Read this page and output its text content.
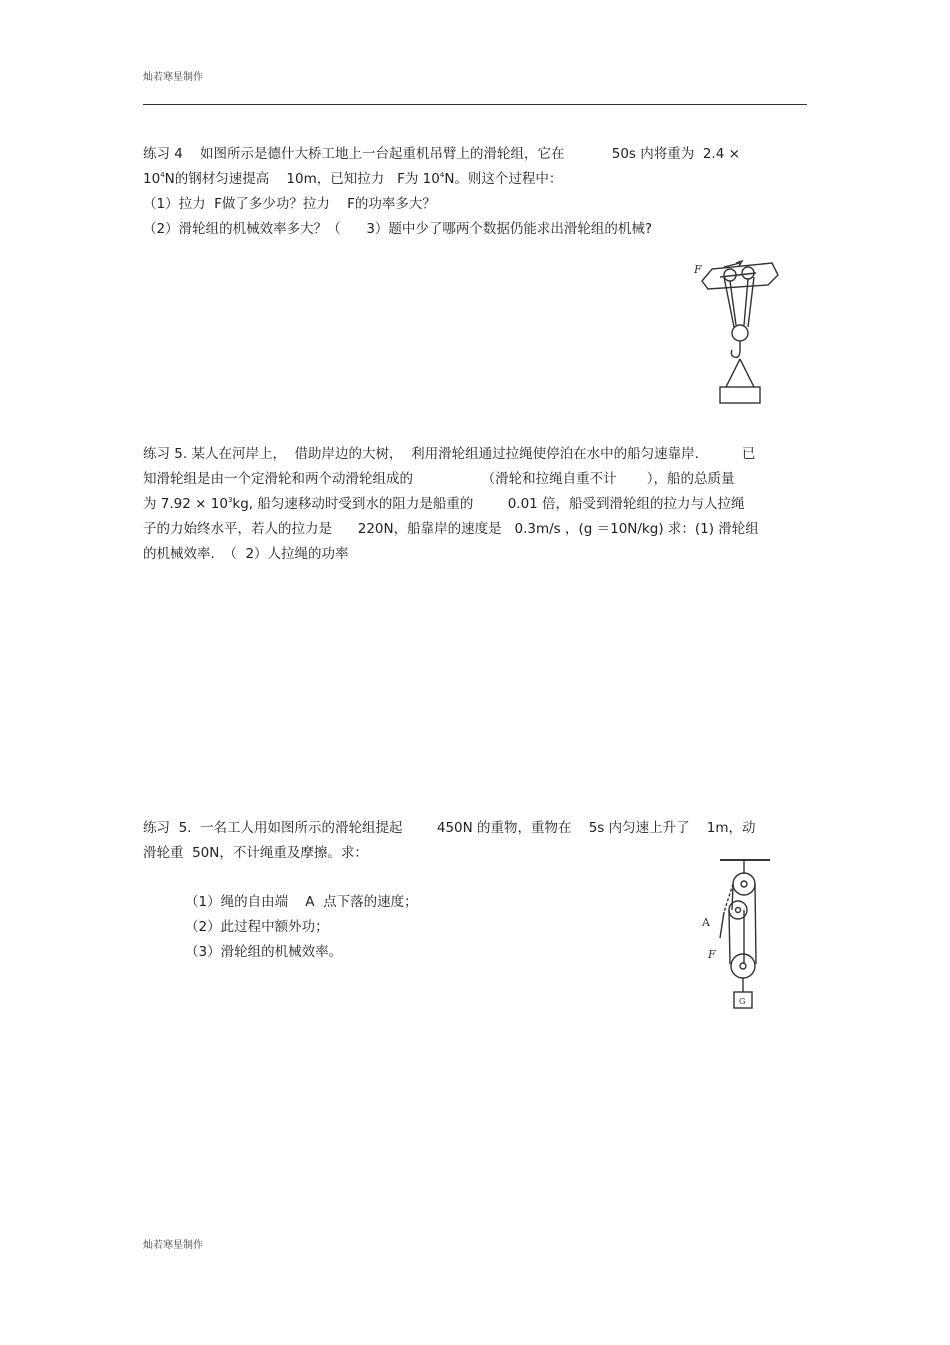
灿若寒星制作
练习 4    如图所示是德什大桥工地上一台起重机吊臂上的滑轮组，它在           50s 内将重为  2.4 ×
$10^4N$的钢材匀速提高    10m，已知拉力   F为 $10^4N$。则这个过程中：
（1）拉力  F做了多少功？拉力    F的功率多大？
（2）滑轮组的机械效率多大？（      3）题中少了哪两个数据仍能求出滑轮组的机械?
F
练习 5. 某人在河岸上，  借助岸边的大树，  利用滑轮组通过拉绳使停泊在水中的船匀速靠岸.          已
知滑轮组是由一个定滑轮和两个动滑轮组成的                （滑轮和拉绳自重不计       ），船的总质量
为 $7.92 \times 10^3kg$, 船匀速移动时受到水的阻力是船重的        0.01 倍，船受到滑轮组的拉力与人拉绳
子的力始终水平，若人的拉力是      220N，船靠岸的速度是   0.3m/s ，(g ＝10N/kg) 求：(1) 滑轮组
的机械效率.  （  2）人拉绳的功率
练习  5.  一名工人用如图所示的滑轮组提起        450N 的重物，重物在    5s 内匀速上升了    1m，动
滑轮重  50N，不计绳重及摩擦。求：
（1）绳的自由端    A  点下落的速度；
（2）此过程中额外功；
（3）滑轮组的机械效率。
A
F
G
灿若寒星制作
